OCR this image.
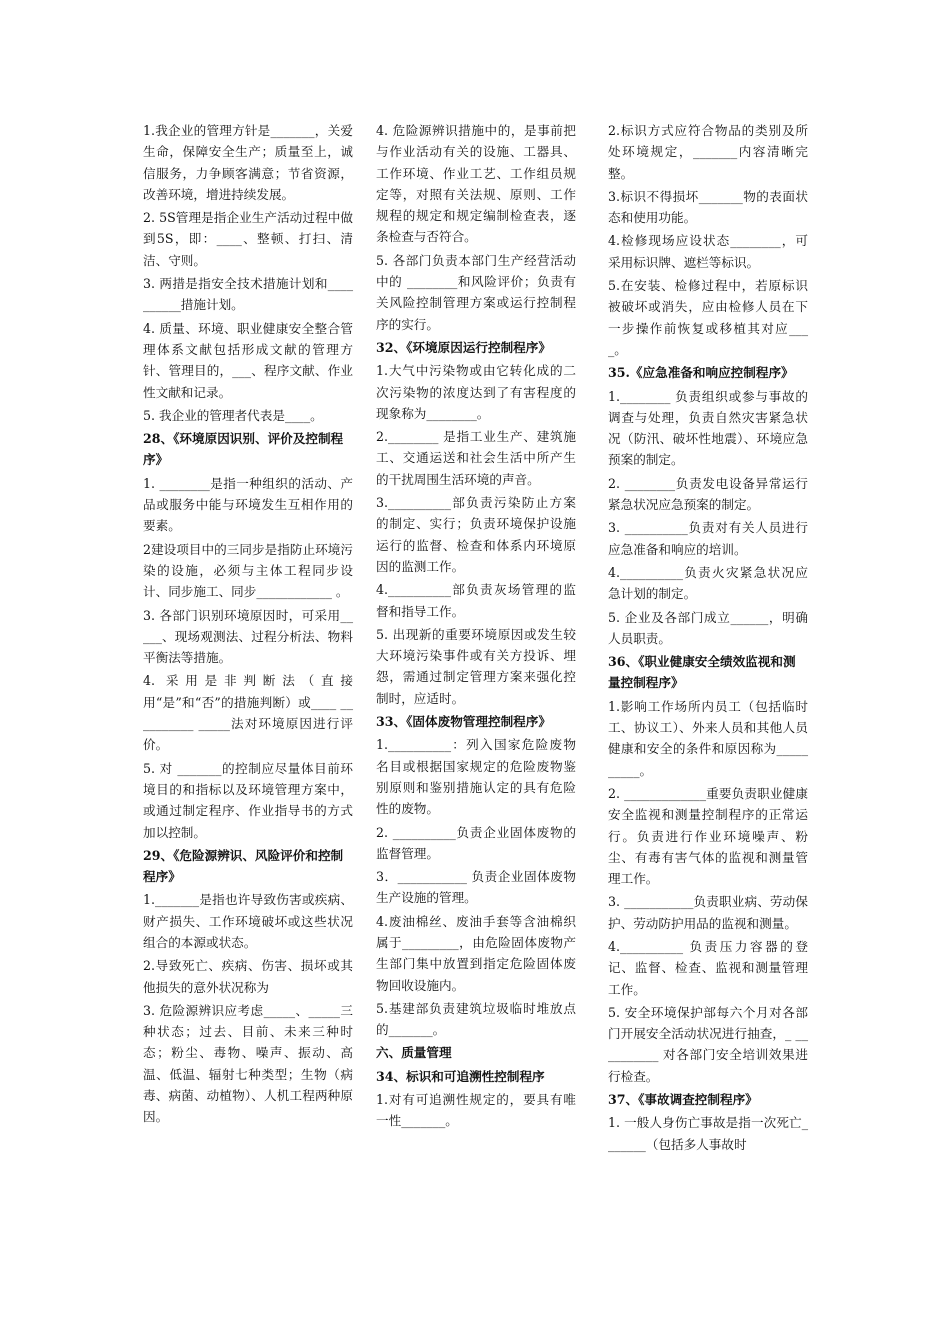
1.我企业的管理方针是_______，关爱生命，保障安全生产；质量至上，诚信服务，力争顾客满意；节省资源，改善环境，增进持续发展。
2. 5S管理是指企业生产活动过程中做到5S，即：____、整顿、打扫、清洁、守则。
3. 两措是指安全技术措施计划和__________措施计划。
4. 质量、环境、职业健康安全整合管理体系文献包括形成文献的管理方针、管理目的，___、程序文献、作业性文献和记录。
5. 我企业的管理者代表是____。
28、《环境原因识别、评价及控制程序》
1. ________是指一种组织的活动、产品或服务中能与环境发生互相作用的要素。
2建设项目中的三同步是指防止环境污染的设施，必须与主体工程同步设计、同步施工、同步____________ 。
3. 各部门识别环境原因时，可采用_____、现场观测法、过程分析法、物料平衡法等措施。
4. 采用是非判断法（直接用“是”和“否”的措施判断）或____ __________ _____法对环境原因进行评价。
5. 对 _______的控制应尽量体目前环境目的和指标以及环境管理方案中，或通过制定程序、作业指导书的方式加以控制。
29、《危险源辨识、风险评价和控制程序》
1._______是指也许导致伤害或疾病、财产损失、工作环境破坏或这些状况组合的本源或状态。
2.导致死亡、疾病、伤害、损坏或其他损失的意外状况称为
3. 危险源辨识应考虑_____、_____三种状态；过去、目前、未来三种时态；粉尘、毒物、噪声、振动、高温、低温、辐射七种类型；生物（病毒、病菌、动植物）、人机工程两种原因。
4. 危险源辨识措施中的，是事前把与作业活动有关的设施、工器具、工作环境、作业工艺、工作组员规定等，对照有关法规、原则、工作规程的规定和规定编制检查表，逐条检查与否符合。
5. 各部门负责本部门生产经营活动中的 ________和风险评价；负责有关风险控制管理方案或运行控制程序的实行。
32、《环境原因运行控制程序》
1.大气中污染物或由它转化成的二次污染物的浓度达到了有害程度的现象称为________。
2.________ 是指工业生产、建筑施工、交通运送和社会生活中所产生的干扰周围生活环境的声音。
3.__________部负责污染防止方案的制定、实行；负责环境保护设施运行的监督、检查和体系内环境原因的监测工作。
4.__________部负责灰场管理的监督和指导工作。
5. 出现新的重要环境原因或发生较大环境污染事件或有关方投诉、埋怨，需通过制定管理方案来强化控制时，应适时。
33、《固体废物管理控制程序》
1.__________：列入国家危险废物名目或根据国家规定的危险废物鉴别原则和鉴别措施认定的具有危险性的废物。
2. __________负责企业固体废物的监督管理。
3．___________ 负责企业固体废物生产设施的管理。
4.废油棉丝、废油手套等含油棉织属于_________，由危险固体废物产生部门集中放置到指定危险固体废物回收设施内。
5.基建部负责建筑垃圾临时堆放点的_______。
六、质量管理
34、标识和可追溯性控制程序
1.对有可追溯性规定的，要具有唯一性_______。
2.标识方式应符合物品的类别及所处环境规定，_______内容清晰完整。
3.标识不得损坏_______物的表面状态和使用功能。
4.检修现场应设状态________，可采用标识牌、遮栏等标识。
5.在安装、检修过程中，若原标识被破坏或消失，应由检修人员在下一步操作前恢复或移植其对应____。
35.《应急准备和响应控制程序》
1.________ 负责组织或参与事故的调查与处理，负责自然灾害紧急状况（防汛、破坏性地震）、环境应急预案的制定。
2. ________负责发电设备异常运行紧急状况应急预案的制定。
3. __________负责对有关人员进行应急准备和响应的培训。
4.__________负责火灾紧急状况应急计划的制定。
5. 企业及各部门成立______，明确人员职责。
36、《职业健康安全绩效监视和测量控制程序》
1.影响工作场所内员工（包括临时工、协议工）、外来人员和其他人员健康和安全的条件和原因称为__________。
2. _____________重要负责职业健康安全监视和测量控制程序的正常运行。负责进行作业环境噪声、粉尘、有毒有害气体的监视和测量管理工作。
3. ___________负责职业病、劳动保护、劳动防护用品的监视和测量。
4.__________ 负责压力容器的登记、监督、检查、监视和测量管理工作。
5. 安全环境保护部每六个月对各部门开展安全活动状况进行抽查，_ __________ 对各部门安全培训效果进行检查。
37、《事故调查控制程序》
1. 一般人身伤亡事故是指一次死亡_______（包括多人事故时
